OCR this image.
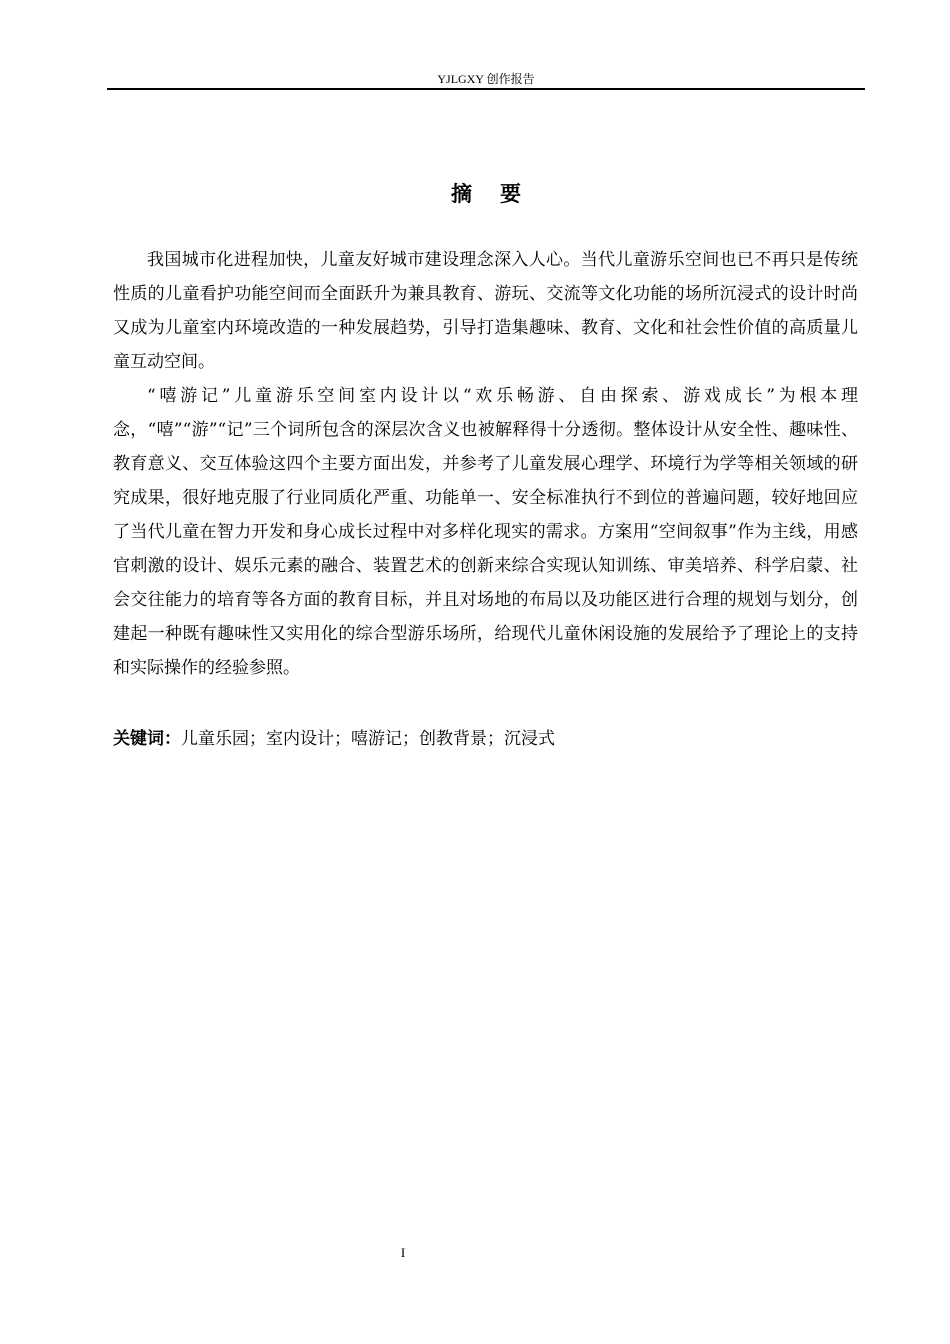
YJLGXY 创作报告
摘要

我国城市化进程加快，儿童友好城市建设理念深入人心。当代儿童游乐空间也已不再只是传统性质的儿童看护功能空间而全面跃升为兼具教育、游玩、交流等文化功能的场所沉浸式的设计时尚又成为儿童室内环境改造的一种发展趋势，引导打造集趣味、教育、文化和社会性价值的高质量儿童互动空间。

“嘻游记”儿童游乐空间室内设计以“欢乐畅游、自由探索、游戏成长”为根本理念，“嘻”“游”“记”三个词所包含的深层次含义也被解释得十分透彻。整体设计从安全性、趣味性、教育意义、交互体验这四个主要方面出发，并参考了儿童发展心理学、环境行为学等相关领域的研究成果，很好地克服了行业同质化严重、功能单一、安全标准执行不到位的普遍问题，较好地回应了当代儿童在智力开发和身心成长过程中对多样化现实的需求。方案用“空间叙事”作为主线，用感官刺激的设计、娱乐元素的融合、装置艺术的创新来综合实现认知训练、审美培养、科学启蒙、社会交往能力的培育等各方面的教育目标，并且对场地的布局以及功能区进行合理的规划与划分，创建起一种既有趣味性又实用化的综合型游乐场所，给现代儿童休闲设施的发展给予了理论上的支持和实际操作的经验参照。

关键词：儿童乐园；室内设计；嘻游记；创教背景；沉浸式
I
